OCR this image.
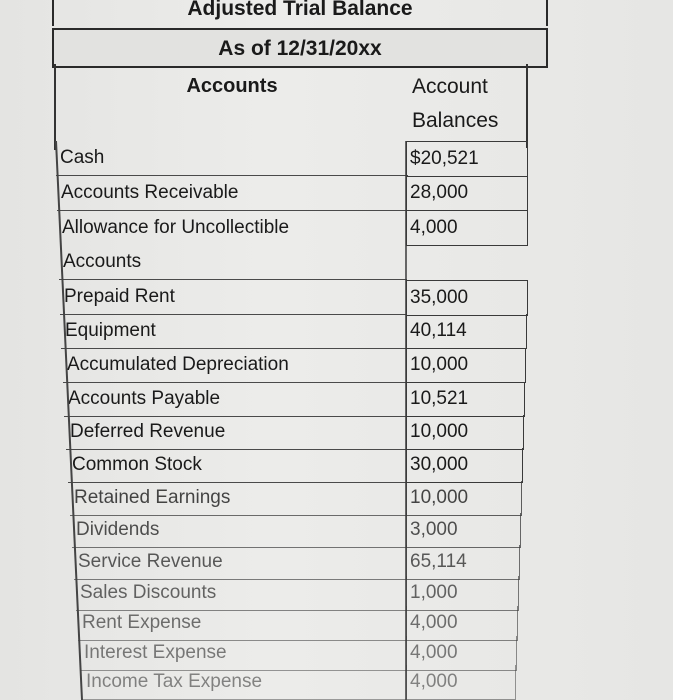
Adjusted Trial Balance
As of 12/31/20xx
Accounts	Account
Balances
Cash	$20,521
Accounts Receivable	28,000
Allowance for Uncollectible	4,000
Accounts
Prepaid Rent	35,000
Equipment	40,114
Accumulated Depreciation	10,000
Accounts Payable	10,521
Deferred Revenue	10,000
Common Stock	30,000
Retained Earnings	10,000
Dividends	3,000
Service Revenue	65,114
Sales Discounts	1,000
Rent Expense	4,000
Interest Expense	4,000
Income Tax Expense	4,000
